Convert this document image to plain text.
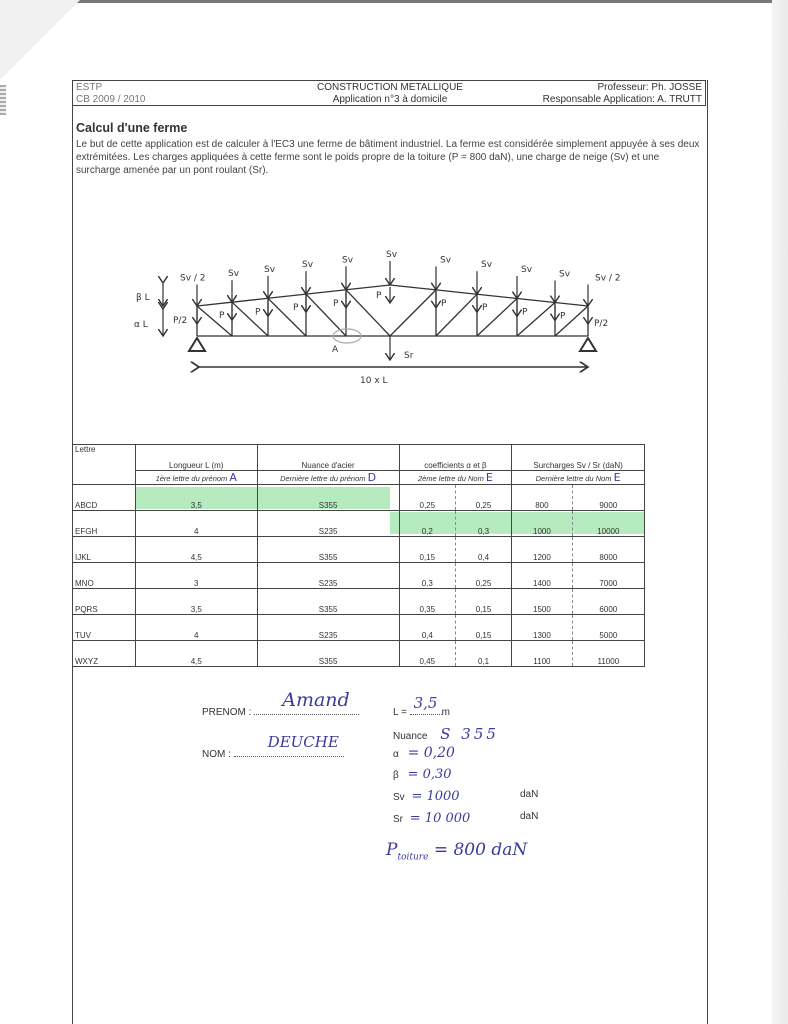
ESTP
CB 2009 / 2010
CONSTRUCTION METALLIQUE
Application n°3 à domicile
Professeur: Ph. JOSSE
Responsable Application: A. TRUTT
Calcul d'une ferme
Le but de cette application est de calculer à l'EC3 une ferme de bâtiment industriel. La ferme est considérée simplement appuyée à ses deux extrémitées. Les charges appliquées à cette ferme sont le poids propre de la toiture (P = 800 daN), une charge de neige (Sv) et une surcharge amenée par un pont roulant (Sr).
Sv / 2
P/2
Sv
P
Sv
P
Sv
P
Sv
P
Sv
P
Sv
P
Sv
P
Sv
P
Sv
P
Sv / 2
P/2
β L
α L
A
Sr
10 x L
Lettre	Longueur L (m)	Nuance d'acier	coefficients α et β		Surcharges Sv / Sr (daN)	
	1ère lettre du prénom A	Dernière lettre du prénom D	2ème lettre du Nom E		Dernière lettre du Nom E	
ABCD	3,5	S355	0,25	0,25	800	9000
EFGH	4	S235	0,2	0,3	1000	10000
IJKL	4,5	S355	0,15	0,4	1200	8000
MNO	3	S235	0,3	0,25	1400	7000
PQRS	3,5	S355	0,35	0,15	1500	6000
TUV	4	S235	0,4	0,15	1300	5000
WXYZ	4,5	S355	0,45	0,1	1100	11000
PRENOM :
Amand
NOM :
DEUCHE
L =
3,5
m
Nuance S 355
α = 0,20
β = 0,30
Sv = 1000	daN
Sr = 10 000	daN
$P_{toiture} = 800$ daN
